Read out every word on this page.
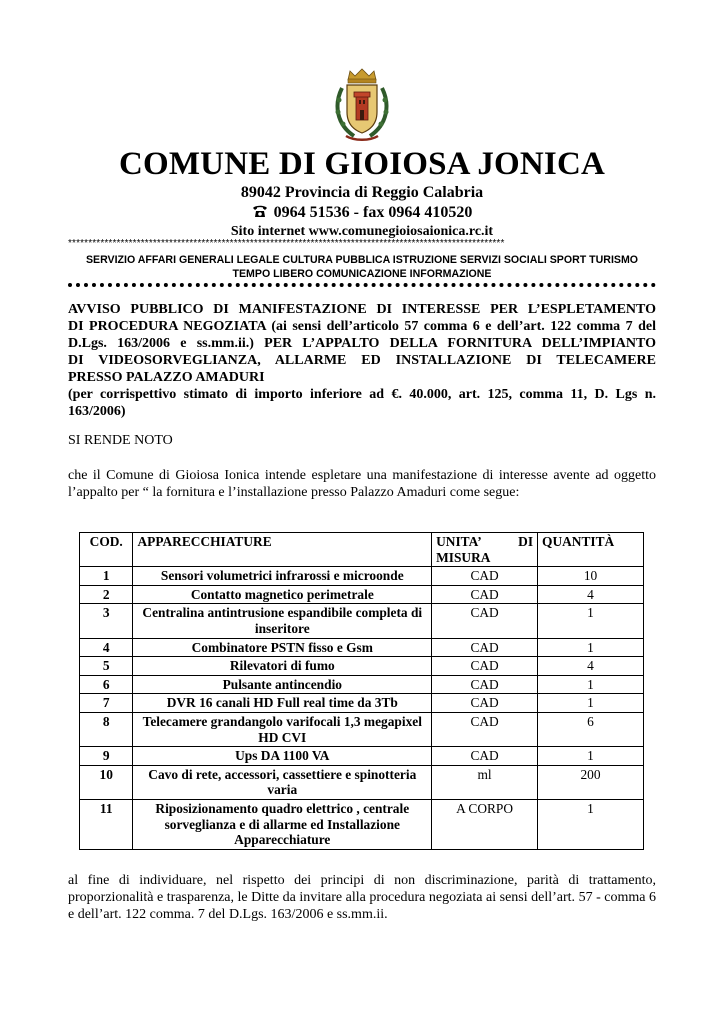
COMUNE DI GIOIOSA JONICA
89042 Provincia di Reggio Calabria
0964 51536 - fax 0964 410520
Sito internet www.comunegioiosaionica.rc.it
************************************************************************************************************
SERVIZIO AFFARI GENERALI LEGALE CULTURA PUBBLICA ISTRUZIONE SERVIZI SOCIALI SPORT TURISMO TEMPO LIBERO COMUNICAZIONE INFORMAZIONE

AVVISO PUBBLICO DI MANIFESTAZIONE DI INTERESSE PER L’ESPLETAMENTO

DI PROCEDURA NEGOZIATA (ai sensi dell’articolo 57 comma 6 e dell’art. 122 comma 7 del

D.Lgs. 163/2006 e ss.mm.ii.) PER L’APPALTO DELLA FORNITURA DELL’IMPIANTO

DI VIDEOSORVEGLIANZA, ALLARME ED INSTALLAZIONE DI TELECAMERE

PRESSO PALAZZO AMADURI

(per corrispettivo stimato di importo inferiore ad €. 40.000, art. 125, comma 11, D. Lgs n.

163/2006)

SI RENDE NOTO
che il Comune di Gioiosa Ionica intende espletare una manifestazione di interesse avente ad oggetto l’appalto per “ la fornitura e l’installazione presso Palazzo Amaduri come segue:
COD.	APPARECCHIATURE	UNITA’ DI MISURA	QUANTITÀ
1	Sensori volumetrici infrarossi e microonde	CAD	10
2	Contatto magnetico perimetrale	CAD	4
3	Centralina antintrusione espandibile completa di inseritore	CAD	1
4	Combinatore PSTN fisso e Gsm	CAD	1
5	Rilevatori di fumo	CAD	4
6	Pulsante antincendio	CAD	1
7	DVR 16 canali HD Full real time da 3Tb	CAD	1
8	Telecamere grandangolo varifocali 1,3 megapixel HD CVI	CAD	6
9	Ups DA 1100 VA	CAD	1
10	Cavo di rete, accessori, cassettiere e spinotteria varia	ml	200
11	Riposizionamento quadro elettrico , centrale sorveglianza e di allarme ed Installazione Apparecchiature	A CORPO	1
al fine di individuare, nel rispetto dei principi di non discriminazione, parità di trattamento, proporzionalità e trasparenza, le Ditte da invitare alla procedura negoziata ai sensi dell’art. 57 - comma 6 e dell’art. 122 comma. 7 del D.Lgs. 163/2006 e ss.mm.ii.
